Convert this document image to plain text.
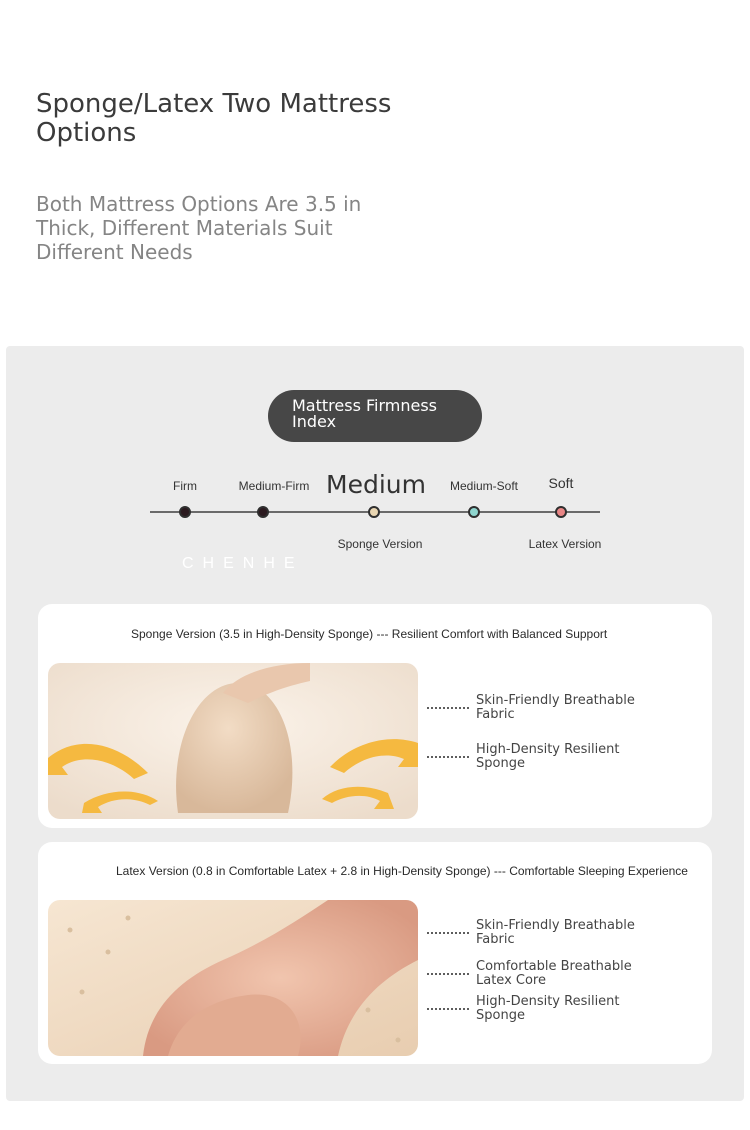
Sponge/Latex Two Mattress Options

Both Mattress Options Are 3.5 in Thick, Different Materials Suit Different Needs

Mattress Firmness Index
Firm	Medium-Firm Medium Medium-Soft Soft
Sponge Version	Latex Version
CHENHE
Sponge Version (3.5 in High-Density Sponge) --- Resilient Comfort with Balanced Support
Skin-Friendly Breathable Fabric
High-Density Resilient Sponge
Latex Version (0.8 in Comfortable Latex + 2.8 in High-Density Sponge) --- Comfortable Sleeping Experience
Skin-Friendly Breathable Fabric
Comfortable Breathable Latex Core
High-Density Resilient Sponge
